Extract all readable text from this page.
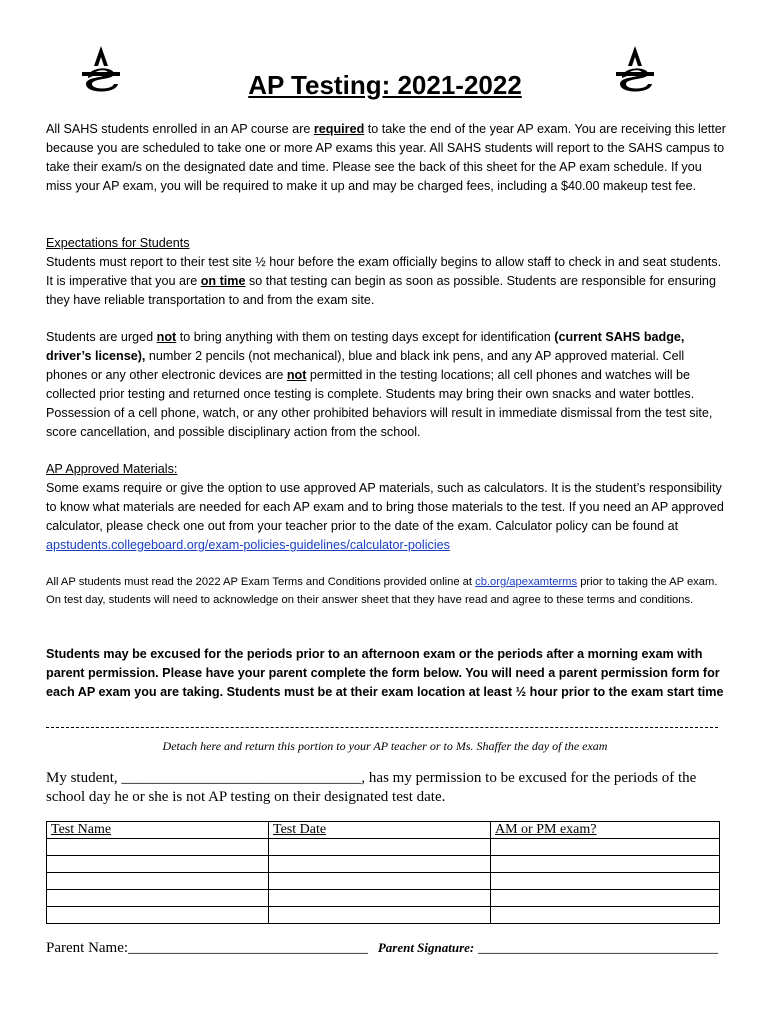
AP Testing: 2021-2022
All SAHS students enrolled in an AP course are required to take the end of the year AP exam. You are receiving this letter because you are scheduled to take one or more AP exams this year. All SAHS students will report to the SAHS campus to take their exam/s on the designated date and time. Please see the back of this sheet for the AP exam schedule. If you miss your AP exam, you will be required to make it up and may be charged fees, including a $40.00 makeup test fee.
Expectations for Students
Students must report to their test site ½ hour before the exam officially begins to allow staff to check in and seat students. It is imperative that you are on time so that testing can begin as soon as possible. Students are responsible for ensuring they have reliable transportation to and from the exam site.
Students are urged not to bring anything with them on testing days except for identification (current SAHS badge, driver’s license), number 2 pencils (not mechanical), blue and black ink pens, and any AP approved material. Cell phones or any other electronic devices are not permitted in the testing locations; all cell phones and watches will be collected prior testing and returned once testing is complete. Students may bring their own snacks and water bottles. Possession of a cell phone, watch, or any other prohibited behaviors will result in immediate dismissal from the test site, score cancellation, and possible disciplinary action from the school.
AP Approved Materials:
Some exams require or give the option to use approved AP materials, such as calculators. It is the student’s responsibility to know what materials are needed for each AP exam and to bring those materials to the test. If you need an AP approved calculator, please check one out from your teacher prior to the date of the exam. Calculator policy can be found at apstudents.collegeboard.org/exam-policies-guidelines/calculator-policies
All AP students must read the 2022 AP Exam Terms and Conditions provided online at cb.org/apexamterms prior to taking the AP exam. On test day, students will need to acknowledge on their answer sheet that they have read and agree to these terms and conditions.
Students may be excused for the periods prior to an afternoon exam or the periods after a morning exam with parent permission. Please have your parent complete the form below. You will need a parent permission form for each AP exam you are taking. Students must be at their exam location at least ½ hour prior to the exam start time
Detach here and return this portion to your AP teacher or to Ms. Shaffer the day of the exam
My student, ________________________________, has my permission to be excused for the periods of the school day he or she is not AP testing on their designated test date.
Test Name	Test Date	AM or PM exam?

Parent Name:________________________________ Parent Signature: ________________________________
